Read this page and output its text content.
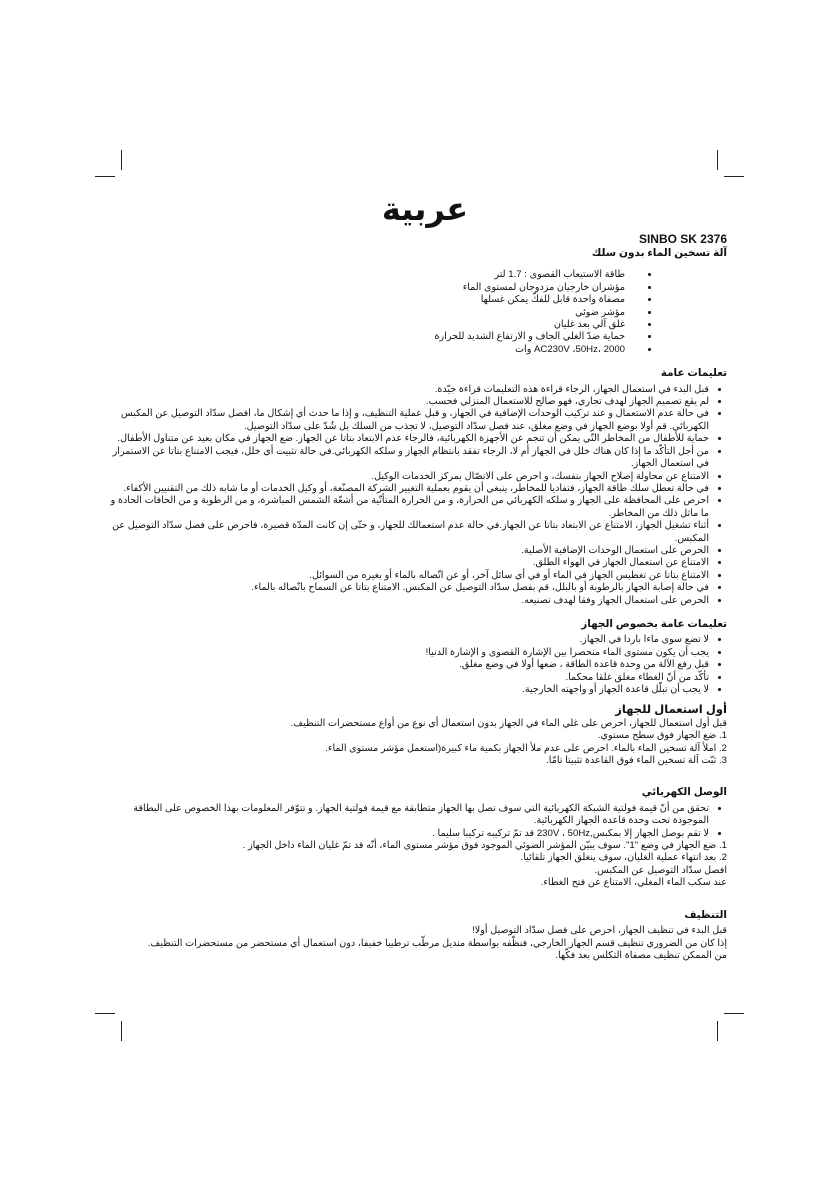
عربية
SINBO SK 2376
آلة تسخين الماء بدون سلك
• طاقة الاستيعاب القصوى : 1.7 لتر
• مؤشران خارجيان مزدوجان لمستوى الماء
• مصفاة واحدة قابل للفكّ يمكن غسلها
• مؤشر ضوئي
• غلق آلي بعد غليان
• حماية ضدّ الغلي الجاف و الارتفاع الشديد للحرارة
• AC230V ،50Hz، 2000 وات
تعليمات عامة
• قبل البدء في استعمال الجهاز، الرجاء قراءة هذه التعليمات قراءة جيّدة.
• لم يقع تصميم الجهاز لهدف تجاري، فهو صالح للاستعمال المنزلي فحسب.
• في حالة عدم الاستعمال و عند تركيب الوحدات الإضافية في الجهاز، و قبل عملية التنظيف، و إذا ما حدث أي إشكال ما، افصل سدّاد التوصيل عن المكبس الكهربائي. قم أولا بوضع الجهاز في وضع مغلق، عند فصل سدّاد التوصيل، لا تجذب من السلك بل شُدّ على سدّاد التوصيل.
• حماية للأطفال من المخاطر التّي يمكن أن تنجم عن الأجهزة الكهربائية، فالرجاء عدم الابتعاد بتاتا عن الجهاز. ضع الجهاز في مكان بعيد عن متناول الأطفال.
• من أجل التأكّد ما إذا كان هناك خلل في الجهاز أم لا، الرجاء تفقد بانتظام الجهاز و سلكه الكهربائي.في حالة تثبيت أي خلل، فيجب الامتناع بتاتا عن الاستمرار في استعمال الجهاز.
• الامتناع عن محاولة إصلاح الجهاز بنفسك، و احرص على الاتصّال بمركز الخدمات الوكيل.
• في حالة تعطل سلك طاقة الجهاز، فتفاديا للمخاطر، ينبغي أن يقوم بعملية التغيير الشركة المصنّعة، أو وكيل الخدمات أو ما شابه ذلك من التقنيين الأكفاء.
• احرص على المحافظة على الجهاز و سلكه الكهربائي من الحرارة، و من الحرارة المتأتّية من أشعّة الشمس المباشرة، و من الرطوبة و من الحافات الحادة و ما ماثل ذلك من المخاطر.
• أثناء تشغيل الجهاز، الامتناع عن الابتعاد بتاتا عن الجهاز.في حالة عدم استعمالك للجهاز، و حتّى إن كانت المدّة قصيرة، فاحرص على فصل سدّاد التوصيل عن المكبس.
• الحرص على استعمال الوحدات الإضافية الأصلية.
• الامتناع عن استعمال الجهاز في الهواء الطلق.
• الامتناع بتاتا عن تغطيس الجهاز في الماء أو في أي سائل آخر، أو عن اتّصاله بالماء أو بغيره من السوائل.
• في حالة إصابة الجهاز بالرطوبة أو بالبلل، قم بفصل سدّاد التوصيل عن المكبس. الامتناع بتاتا عن السماح باتّصاله بالماء.
• الحرص على استعمال الجهاز وفقا لهدف تصنيعه.
تعليمات عامة بخصوص الجهاز
• لا تضع سوى ماءا باردا في الجهاز.
• يجب أن يكون مستوى الماء منحصرا بين الإشارة القصوى و الإشارة الدنيا!
• قبل رفع الآلة من وحدة قاعدة الطاقة ، ضعها أولا في وضع مغلق.
• تأكّد من أنّ الغطاء مغلق غلقا محكما.
• لا يجب أن تبلّل قاعدة الجهاز أو واجهته الخارجية.
أول استعمال للجهاز
قبل أول استعمال للجهاز، احرص على غلي الماء في الجهاز بدون استعمال أي نوع من أواع مستحضرات التنظيف.
1. ضع الجهاز فوق سطح مستوي.
2. املأ آلة تسخين الماء بالماء. احرص على عدم ملأ الجهاز بكمية ماء كبيرة(استعمل مؤشر مستوى الماء.
3. ثبّت آلة تسخين الماء فوق القاعدة تثبيتا تامّا.
الوصل الكهربائي
• تحقق من أنّ قيمة فولتية الشبكة الكهربائية التي سوف تصل بها الجهاز متطابقة مع قيمة فولتية الجهاز. و تتوّفر المعلومات بهذا الخصوص على البطاقة الموجودة تحت وحدة قاعدة الجهاز الكهربائية.
• لا تقم بوصل الجهاز إلا بمكبس,230V ، 50Hz قد تمّ تركيبه تركيبا سليما .
1. ضع الجهاز في وضع "1". سوف يبيّن المؤشر الضوئي الموجود فوق مؤشر مستوى الماء، أنّه قد تمّ غليان الماء داخل الجهاز .
2. بعد انتهاء عملية الغليان، سوف ينغلق الجهاز تلقائيا.
افصل سدّاد التوصيل عن المكبس.
عند سكب الماء المغلي، الامتناع عن فتح الغطاء.
التنظيف
قبل البدء في تنظيف الجهاز، احرص على فصل سدّاد التوصيل أولا!
إذا كان من الضروري تنظيف قسم الجهاز الخارجي، فنظّفه بواسطة منديل مرطّب ترطيبا خفيفا، دون استعمال أي مستحضر من مستحضرات التنظيف.
من الممكن تنظيف مصفاة التكلس بعد فكّها.
